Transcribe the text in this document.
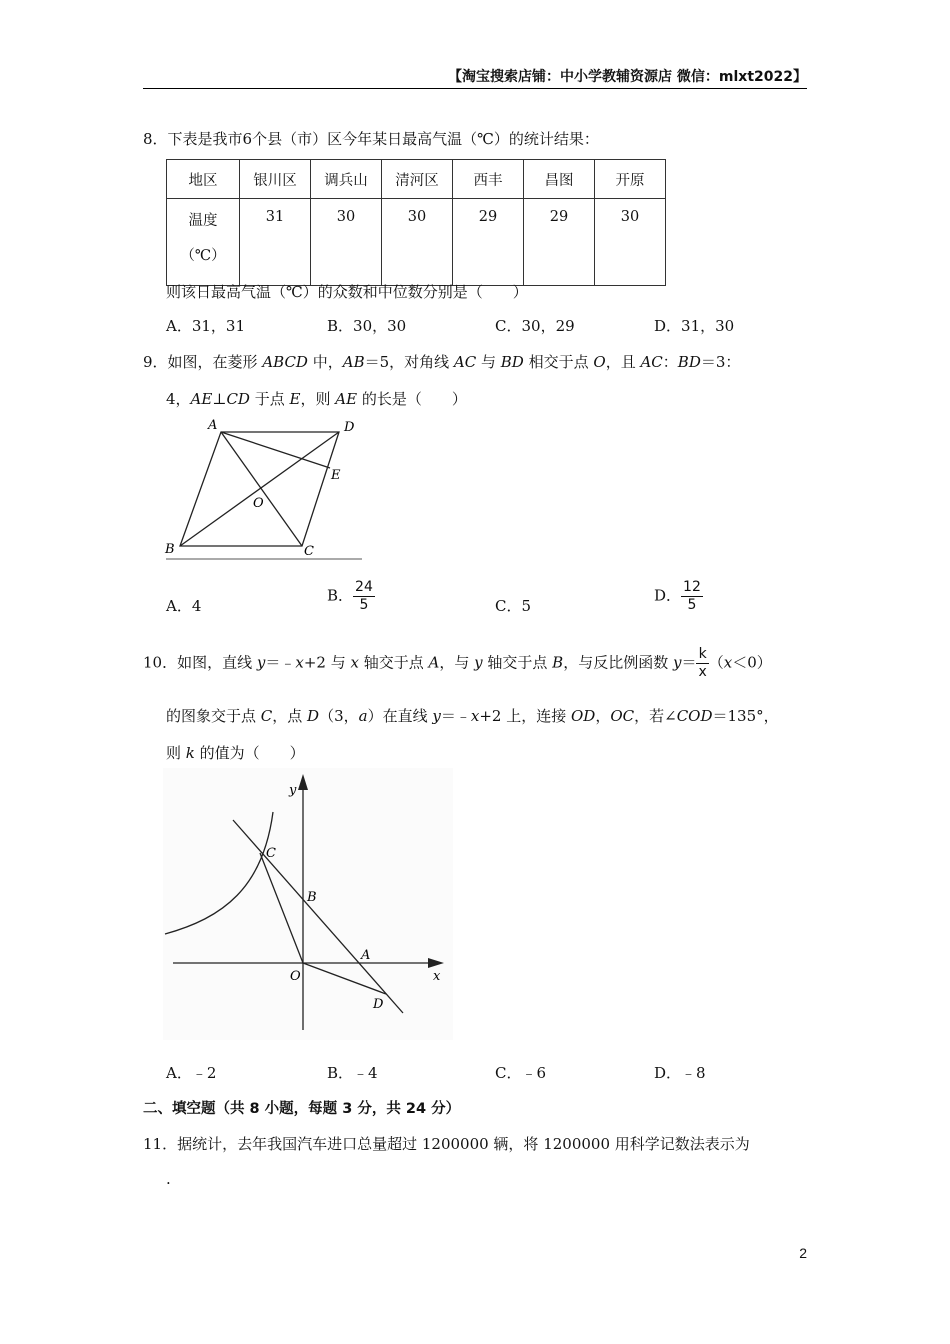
【淘宝搜索店铺：中小学教辅资源店 微信：mlxt2022】
8．下表是我市6个县（市）区今年某日最高气温（℃）的统计结果：
地区	银川区	调兵山	清河区	西丰	昌图	开原

温度
（℃）	31	30	30	29	29	30
则该日最高气温（℃）的众数和中位数分别是（　　）
A．31，31	B．30，30	C．30，29	D．31，30
9．如图，在菱形 ABCD 中，AB＝5，对角线 AC 与 BD 相交于点 O，且 AC：BD＝3：
4，AE⊥CD 于点 E，则 AE 的长是（　　）
A	D
E
O
B	C
A．4
B． $\frac{24}{5}$	C．5
D． $\frac{12}{5}$
10．如图，直线 y＝﹣x+2 与 x 轴交于点 A，与 y 轴交于点 B，与反比例函数 $y= \frac{k}{x} (x<0)$
的图象交于点 C，点 D（3，a）在直线 y＝﹣x+2 上，连接 OD，OC，若∠COD＝135°，
则 k 的值为（　　）
y
x
C
B
A
O
D
A．﹣2	B．﹣4	C．﹣6	D．﹣8
二、填空题（共 8 小题，每题 3 分，共 24 分）
11．据统计，去年我国汽车进口总量超过 1200000 辆，将 1200000 用科学记数法表示为
.
2
